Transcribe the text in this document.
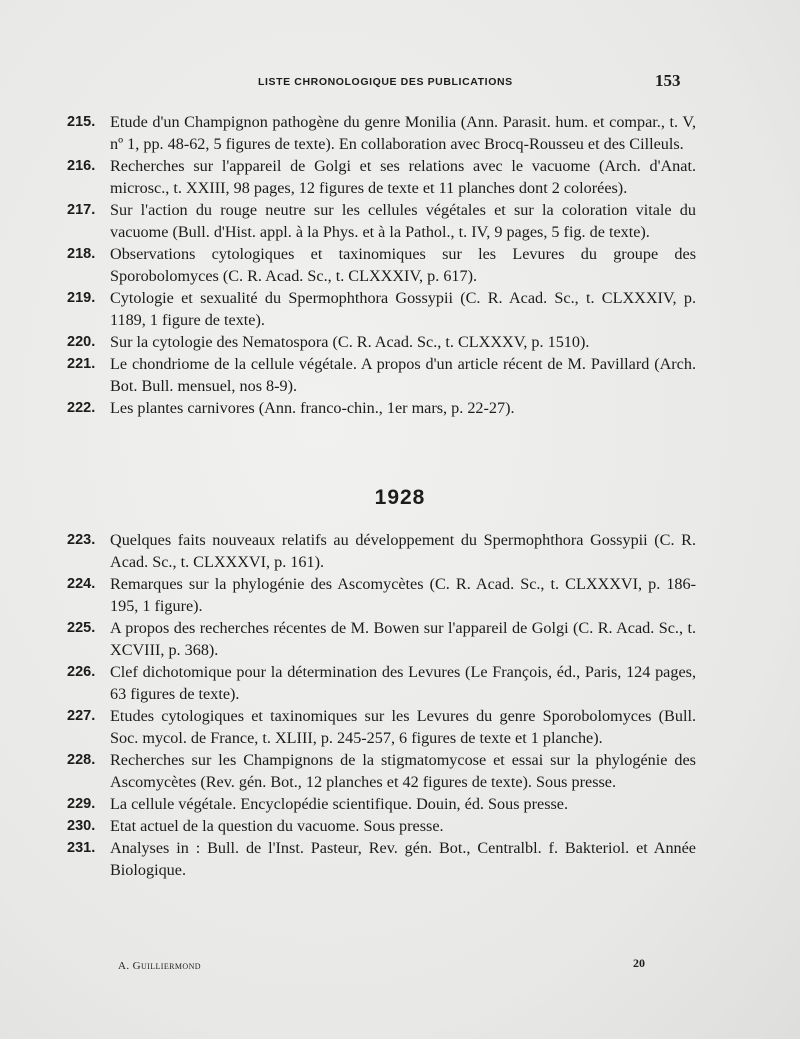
LISTE CHRONOLOGIQUE DES PUBLICATIONS	153
215. Etude d'un Champignon pathogène du genre Monilia (Ann. Parasit. hum. et compar., t. V, nº 1, pp. 48-62, 5 figures de texte). En collaboration avec Brocq-Rousseu et des Cilleuls.
216. Recherches sur l'appareil de Golgi et ses relations avec le vacuome (Arch. d'Anat. microsc., t. XXIII, 98 pages, 12 figures de texte et 11 planches dont 2 colorées).
217. Sur l'action du rouge neutre sur les cellules végétales et sur la coloration vitale du vacuome (Bull. d'Hist. appl. à la Phys. et à la Pathol., t. IV, 9 pages, 5 fig. de texte).
218. Observations cytologiques et taxinomiques sur les Levures du groupe des Sporobolomyces (C. R. Acad. Sc., t. CLXXXIV, p. 617).
219. Cytologie et sexualité du Spermophthora Gossypii (C. R. Acad. Sc., t. CLXXXIV, p. 1189, 1 figure de texte).
220. Sur la cytologie des Nematospora (C. R. Acad. Sc., t. CLXXXV, p. 1510).
221. Le chondriome de la cellule végétale. A propos d'un article récent de M. Pavillard (Arch. Bot. Bull. mensuel, nos 8-9).
222. Les plantes carnivores (Ann. franco-chin., 1er mars, p. 22-27).
1928
223. Quelques faits nouveaux relatifs au développement du Spermophthora Gossypii (C. R. Acad. Sc., t. CLXXXVI, p. 161).
224. Remarques sur la phylogénie des Ascomycètes (C. R. Acad. Sc., t. CLXXXVI, p. 186-195, 1 figure).
225. A propos des recherches récentes de M. Bowen sur l'appareil de Golgi (C. R. Acad. Sc., t. XCVIII, p. 368).
226. Clef dichotomique pour la détermination des Levures (Le François, éd., Paris, 124 pages, 63 figures de texte).
227. Etudes cytologiques et taxinomiques sur les Levures du genre Sporobolomyces (Bull. Soc. mycol. de France, t. XLIII, p. 245-257, 6 figures de texte et 1 planche).
228. Recherches sur les Champignons de la stigmatomycose et essai sur la phylogénie des Ascomycètes (Rev. gén. Bot., 12 planches et 42 figures de texte). Sous presse.
229. La cellule végétale. Encyclopédie scientifique. Douin, éd. Sous presse.
230. Etat actuel de la question du vacuome. Sous presse.
231. Analyses in : Bull. de l'Inst. Pasteur, Rev. gén. Bot., Centralbl. f. Bakteriol. et Année Biologique.
A. Guilliermond	20
